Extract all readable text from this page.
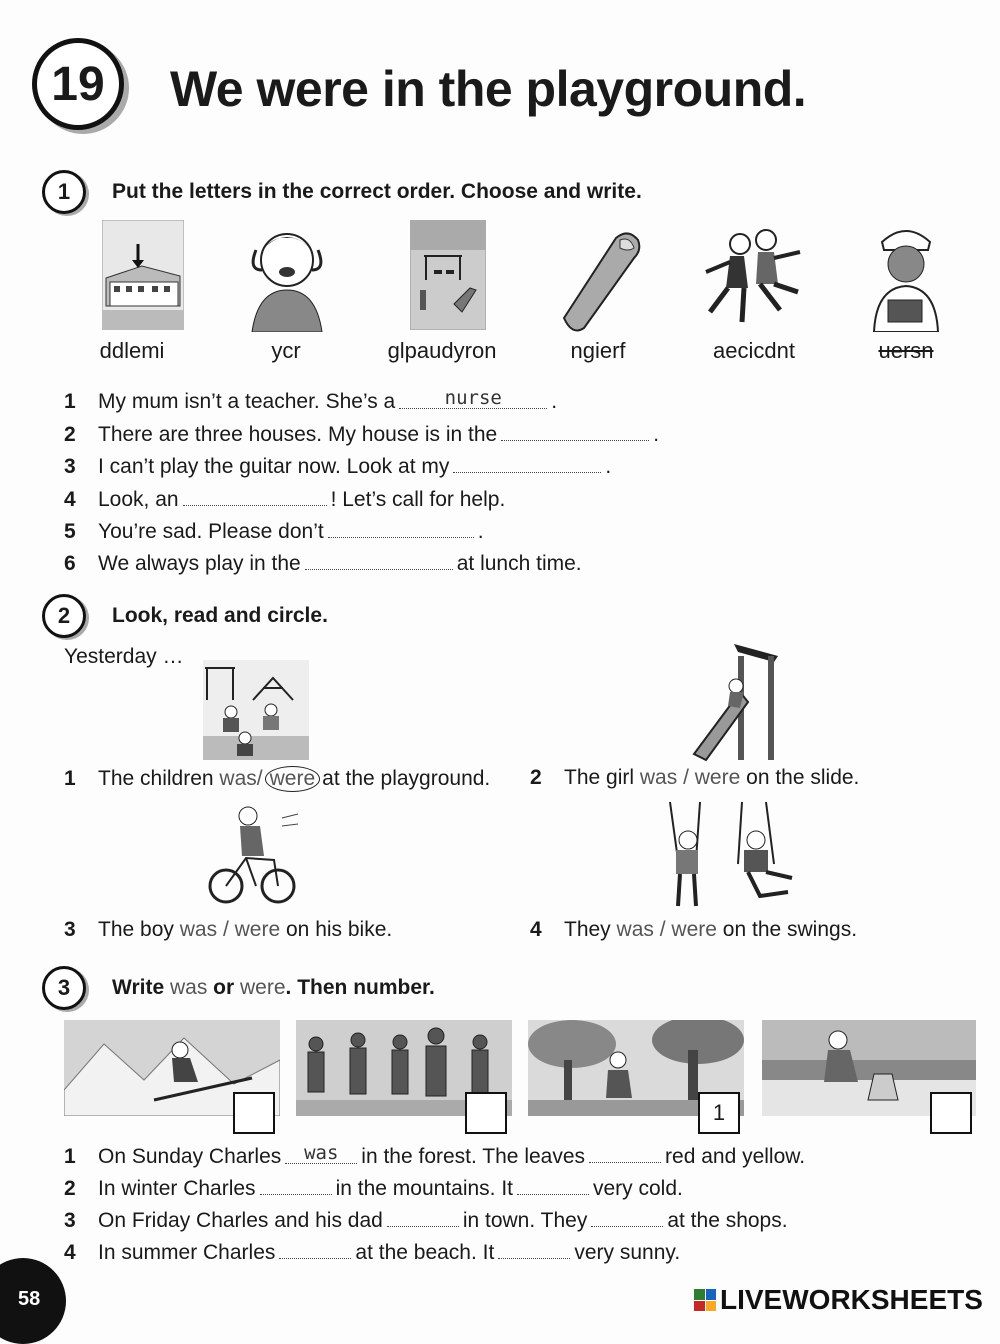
19 We were in the playground.
1 Put the letters in the correct order. Choose and write.
ddlemi	ycr	glpaudyron	ngierf	aecicdnt	uersn
1	My mum isn’t a teacher. She’s a	nurse	.
2	There are three houses. My house is in the	.
3	I can’t play the guitar now. Look at my	.
4	Look, an	! Let’s call for help.
5	You’re sad. Please don’t	.
6	We always play in the	at lunch time.
2 Look, read and circle.
Yesterday …
1	The children
was / were at the playground. 2	The girl
was
/
were
on the slide.
3	The boy
was
/
were
on his bike.	4	They
was
/
were
on the swings.
3 Write was or were. Then number.
1
1	On Sunday Charles	was	in the forest. The leaves	red and yellow.
2	In winter Charles	in the mountains. It	very cold.
3	On Friday Charles and his dad	in town. They	at the shops.
4	In summer Charles	at the beach. It	very sunny.
58	LIVEWORKSHEETS
